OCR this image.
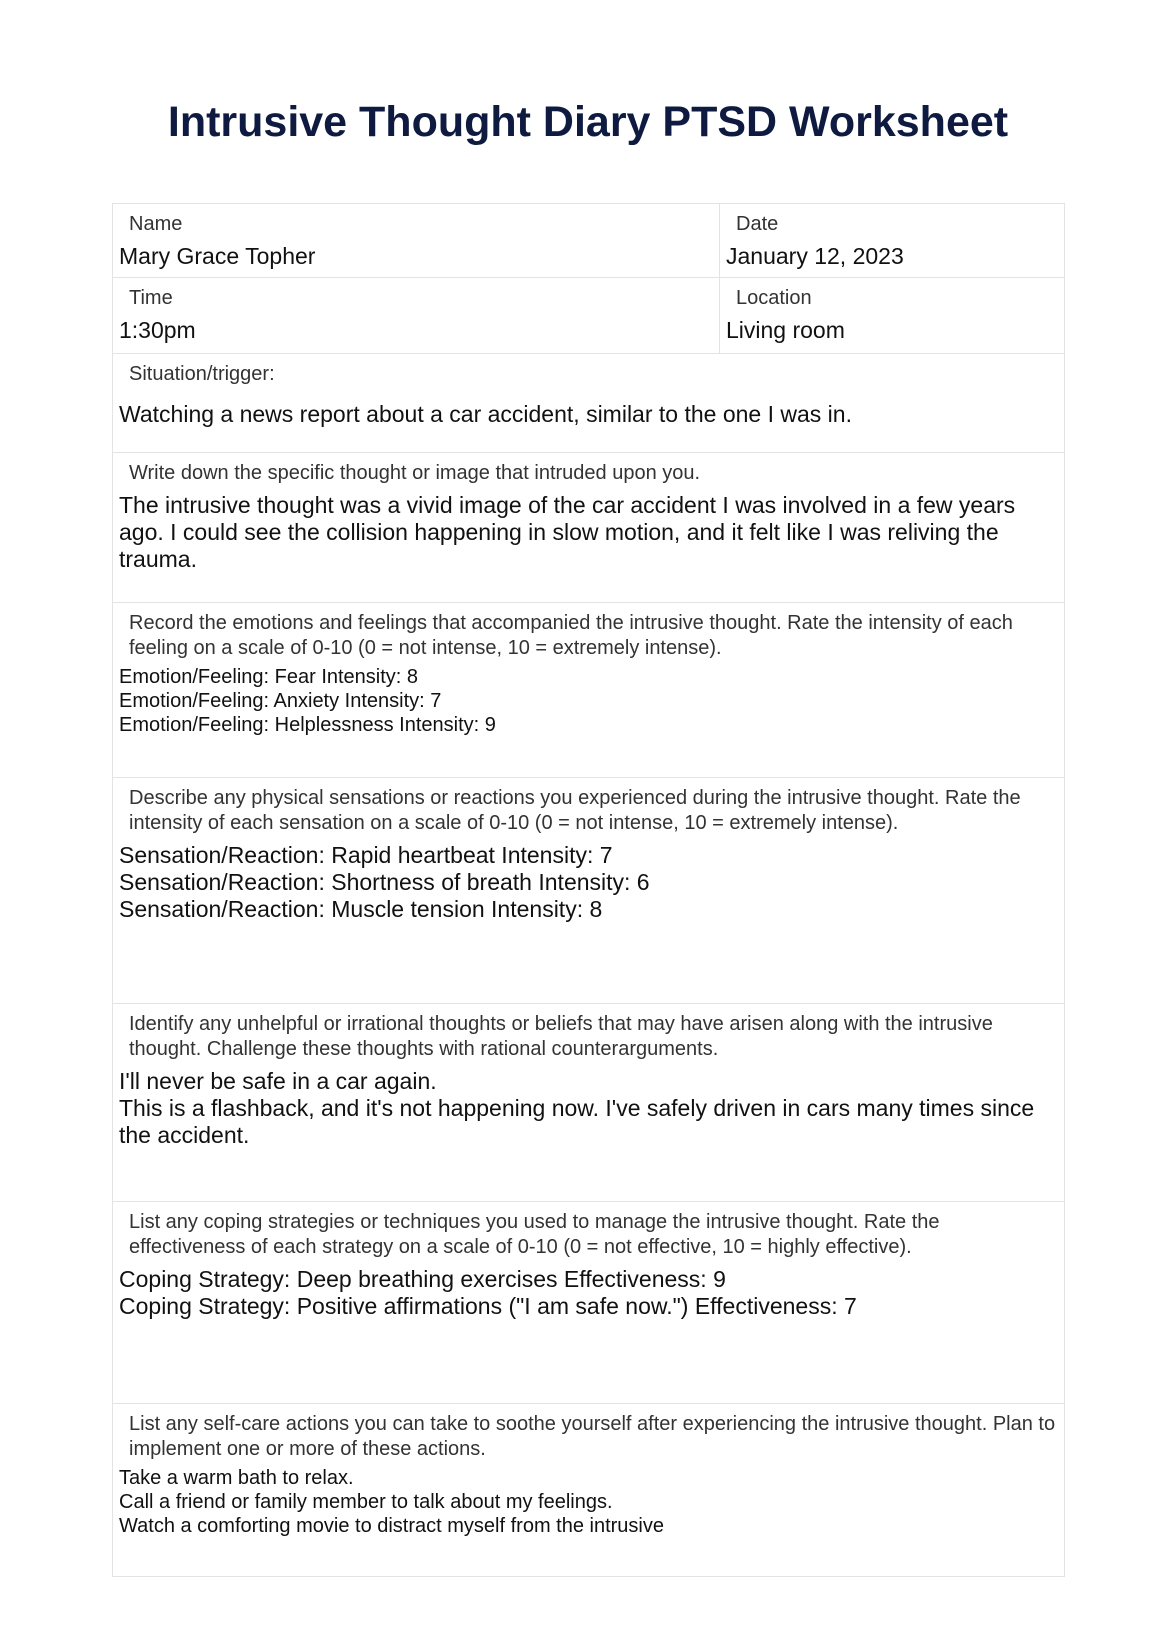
Intrusive Thought Diary PTSD Worksheet
Name
Mary Grace Topher
Date
January 12, 2023
Time
1:30pm
Location
Living room
Situation/trigger:
Watching a news report about a car accident, similar to the one I was in.
Write down the specific thought or image that intruded upon you.
The intrusive thought was a vivid image of the car accident I was involved in a few years ago. I could see the collision happening in slow motion, and it felt like I was reliving the trauma.
Record the emotions and feelings that accompanied the intrusive thought. Rate the intensity of each feeling on a scale of 0-10 (0 = not intense, 10 = extremely intense).
Emotion/Feeling: Fear Intensity: 8
Emotion/Feeling: Anxiety Intensity: 7
Emotion/Feeling: Helplessness Intensity: 9
Describe any physical sensations or reactions you experienced during the intrusive thought. Rate the intensity of each sensation on a scale of 0-10 (0 = not intense, 10 = extremely intense).
Sensation/Reaction: Rapid heartbeat Intensity: 7
Sensation/Reaction: Shortness of breath Intensity: 6
Sensation/Reaction: Muscle tension Intensity: 8
Identify any unhelpful or irrational thoughts or beliefs that may have arisen along with the intrusive thought. Challenge these thoughts with rational counterarguments.
I'll never be safe in a car again.
This is a flashback, and it's not happening now. I've safely driven in cars many times since the accident.
List any coping strategies or techniques you used to manage the intrusive thought. Rate the effectiveness of each strategy on a scale of 0-10 (0 = not effective, 10 = highly effective).
Coping Strategy: Deep breathing exercises Effectiveness: 9
Coping Strategy: Positive affirmations ("I am safe now.") Effectiveness: 7
List any self-care actions you can take to soothe yourself after experiencing the intrusive thought. Plan to implement one or more of these actions.
Take a warm bath to relax.
Call a friend or family member to talk about my feelings.
Watch a comforting movie to distract myself from the intrusive
